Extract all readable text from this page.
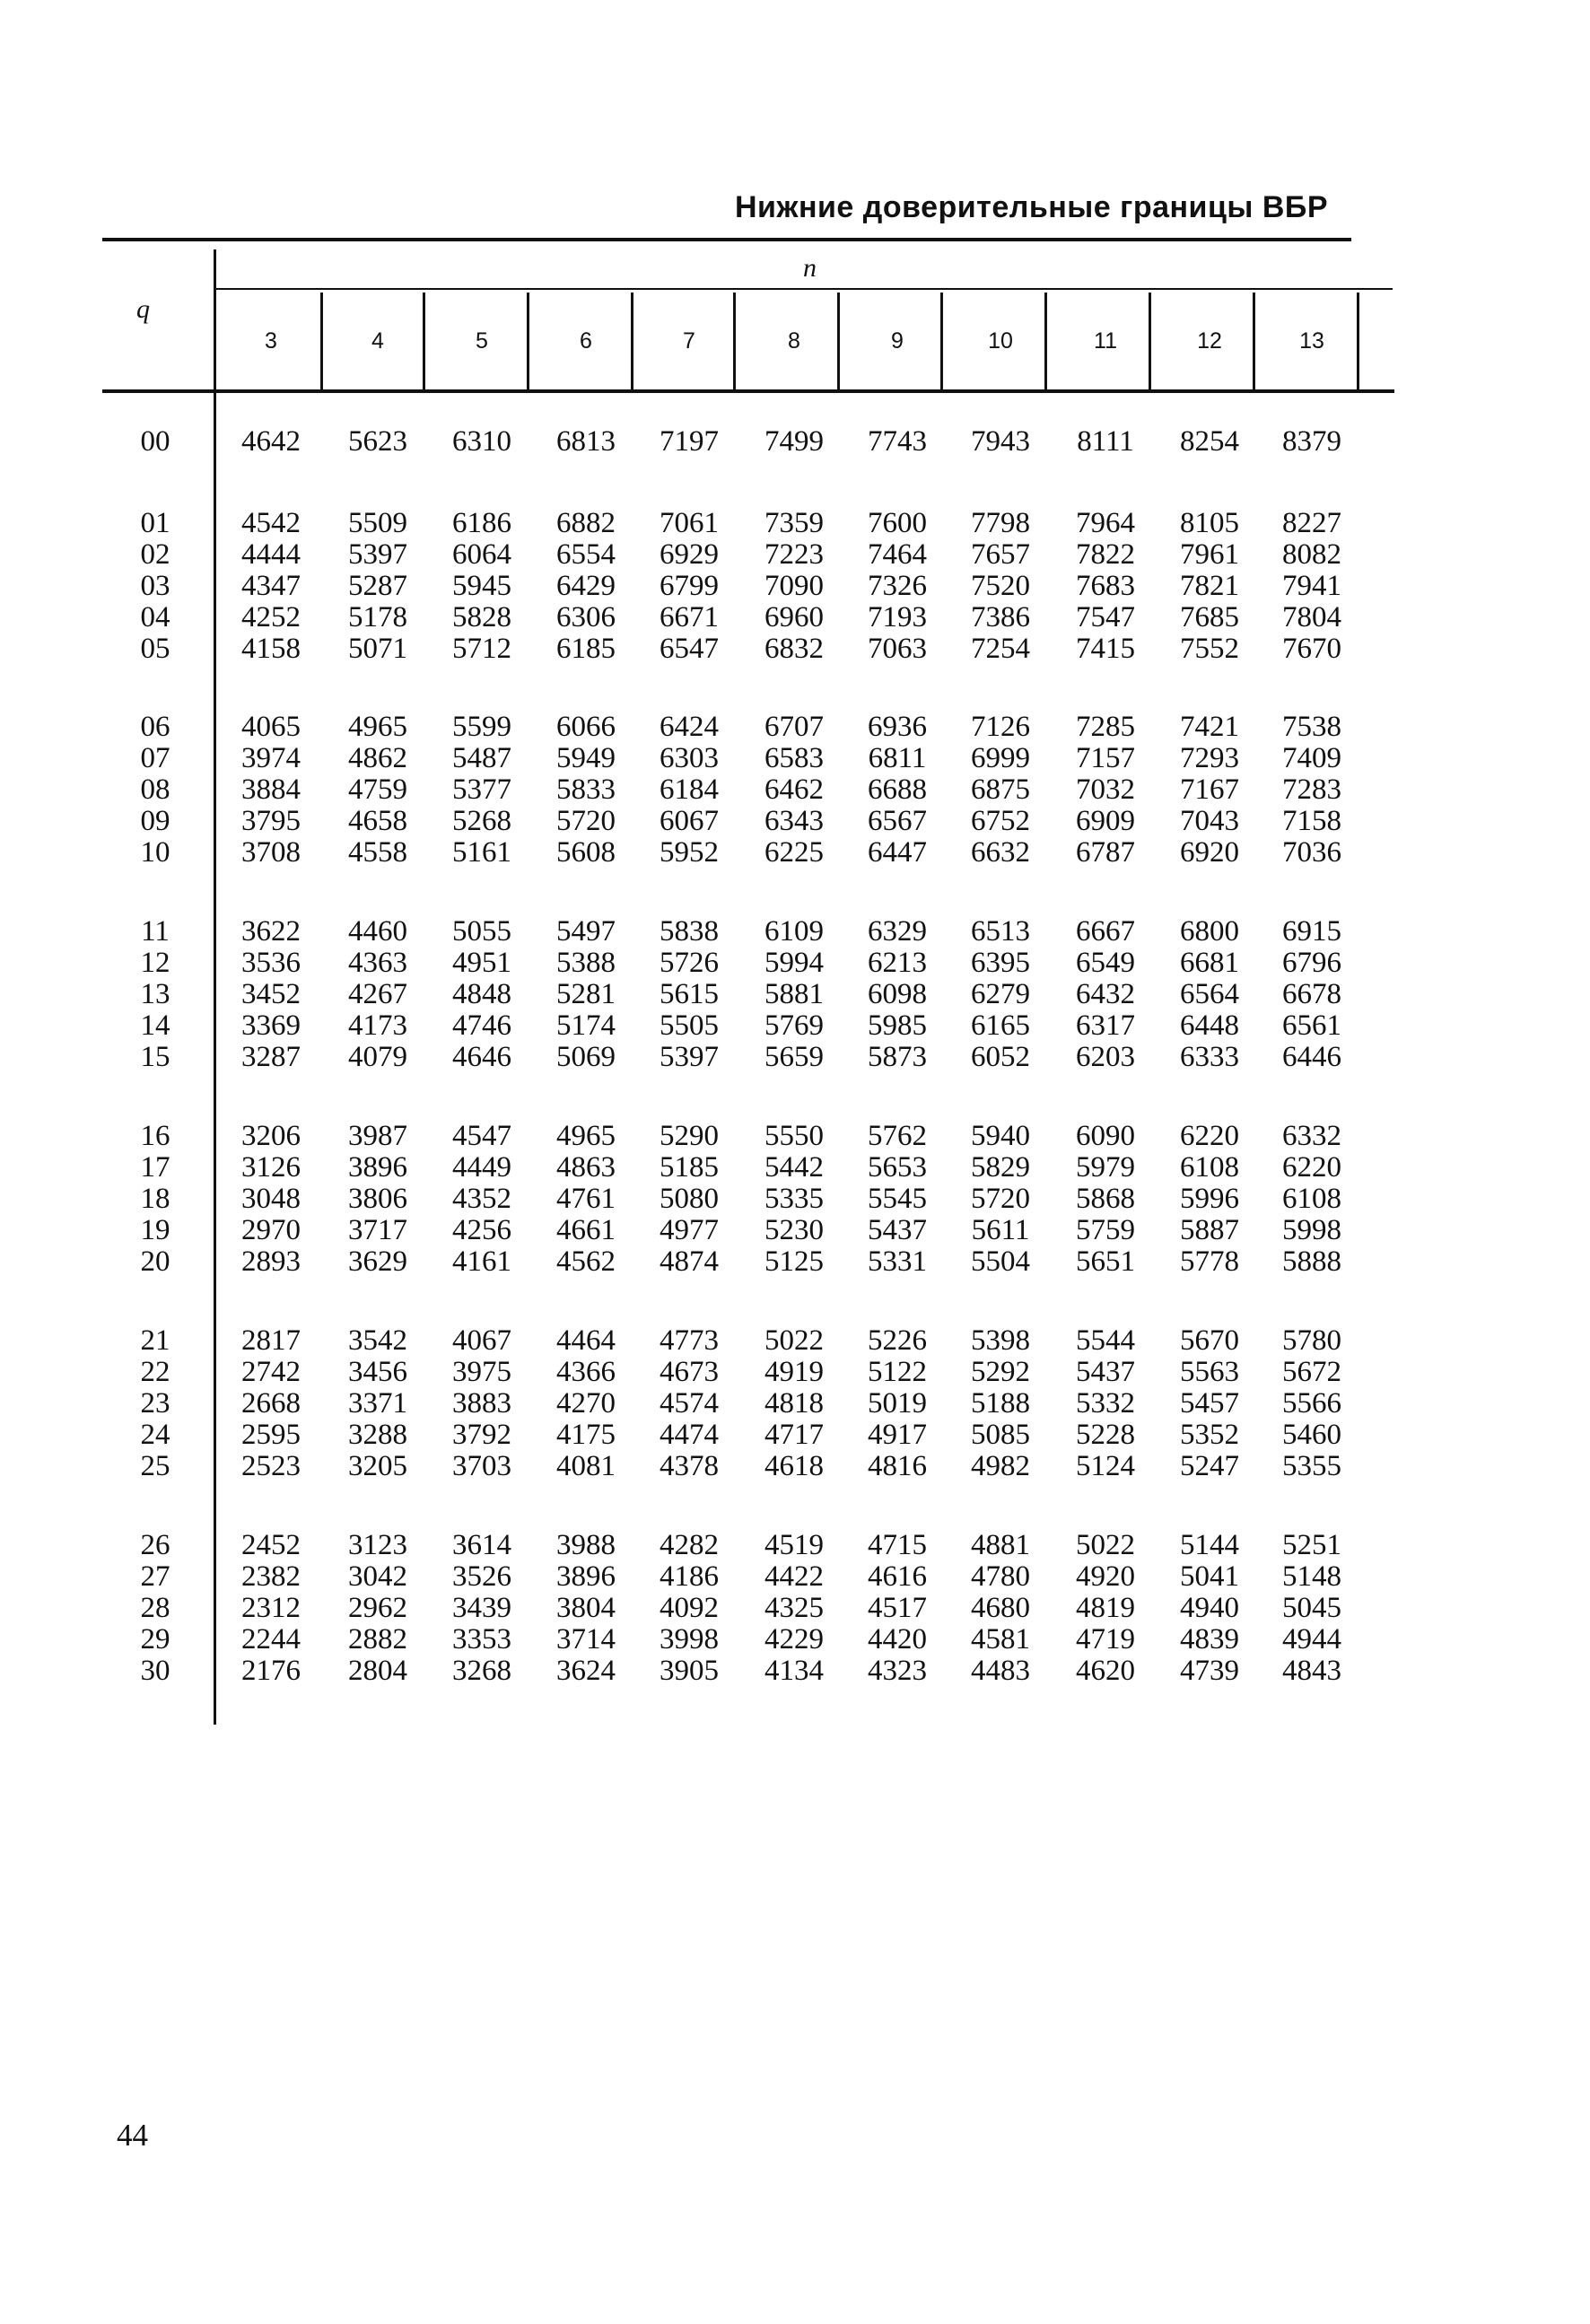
Нижние доверительные границы ВБР
q
n
3	4	5	6	7	8	9	10	11	12	13
00	4642	5623	6310	6813	7197	7499	7743	7943	8111	8254	8379
01	4542	5509	6186	6882	7061	7359	7600	7798	7964	8105	8227
02	4444	5397	6064	6554	6929	7223	7464	7657	7822	7961	8082
03	4347	5287	5945	6429	6799	7090	7326	7520	7683	7821	7941
04	4252	5178	5828	6306	6671	6960	7193	7386	7547	7685	7804
05	4158	5071	5712	6185	6547	6832	7063	7254	7415	7552	7670
06	4065	4965	5599	6066	6424	6707	6936	7126	7285	7421	7538
07	3974	4862	5487	5949	6303	6583	6811	6999	7157	7293	7409
08	3884	4759	5377	5833	6184	6462	6688	6875	7032	7167	7283
09	3795	4658	5268	5720	6067	6343	6567	6752	6909	7043	7158
10	3708	4558	5161	5608	5952	6225	6447	6632	6787	6920	7036
11	3622	4460	5055	5497	5838	6109	6329	6513	6667	6800	6915
12	3536	4363	4951	5388	5726	5994	6213	6395	6549	6681	6796
13	3452	4267	4848	5281	5615	5881	6098	6279	6432	6564	6678
14	3369	4173	4746	5174	5505	5769	5985	6165	6317	6448	6561
15	3287	4079	4646	5069	5397	5659	5873	6052	6203	6333	6446
16	3206	3987	4547	4965	5290	5550	5762	5940	6090	6220	6332
17	3126	3896	4449	4863	5185	5442	5653	5829	5979	6108	6220
18	3048	3806	4352	4761	5080	5335	5545	5720	5868	5996	6108
19	2970	3717	4256	4661	4977	5230	5437	5611	5759	5887	5998
20	2893	3629	4161	4562	4874	5125	5331	5504	5651	5778	5888
21	2817	3542	4067	4464	4773	5022	5226	5398	5544	5670	5780
22	2742	3456	3975	4366	4673	4919	5122	5292	5437	5563	5672
23	2668	3371	3883	4270	4574	4818	5019	5188	5332	5457	5566
24	2595	3288	3792	4175	4474	4717	4917	5085	5228	5352	5460
25	2523	3205	3703	4081	4378	4618	4816	4982	5124	5247	5355
26	2452	3123	3614	3988	4282	4519	4715	4881	5022	5144	5251
27	2382	3042	3526	3896	4186	4422	4616	4780	4920	5041	5148
28	2312	2962	3439	3804	4092	4325	4517	4680	4819	4940	5045
29	2244	2882	3353	3714	3998	4229	4420	4581	4719	4839	4944
30	2176	2804	3268	3624	3905	4134	4323	4483	4620	4739	4843
44
